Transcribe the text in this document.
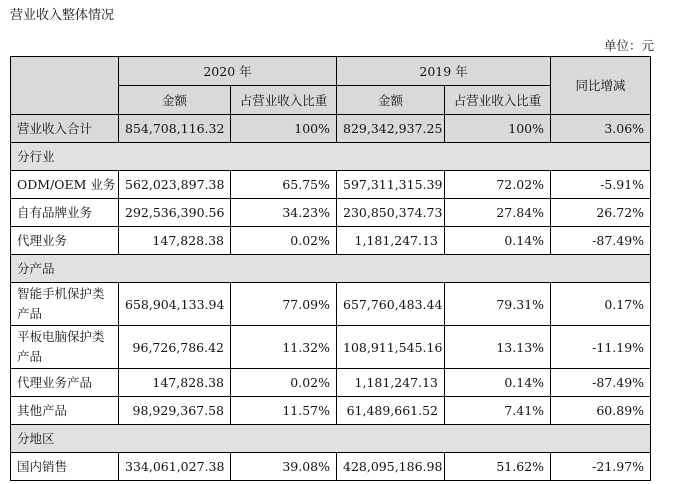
营业收入整体情况
单位：元
	2020 年		2019 年		同比增减
	金额	占营业收入比重	金额	占营业收入比重	
营业收入合计	854,708,116.32	100%	829,342,937.25	100%	3.06%
分行业					
ODM/OEM 业务	562,023,897.38	65.75%	597,311,315.39	72.02%	-5.91%
自有品牌业务	292,536,390.56	34.23%	230,850,374.73	27.84%	26.72%
代理业务	147,828.38	0.02%	1,181,247.13	0.14%	-87.49%
分产品					
智能手机保护类产品	658,904,133.94	77.09%	657,760,483.44	79.31%	0.17%
平板电脑保护类产品	96,726,786.42	11.32%	108,911,545.16	13.13%	-11.19%
代理业务产品	147,828.38	0.02%	1,181,247.13	0.14%	-87.49%
其他产品	98,929,367.58	11.57%	61,489,661.52	7.41%	60.89%
分地区					
国内销售	334,061,027.38	39.08%	428,095,186.98	51.62%	-21.97%
